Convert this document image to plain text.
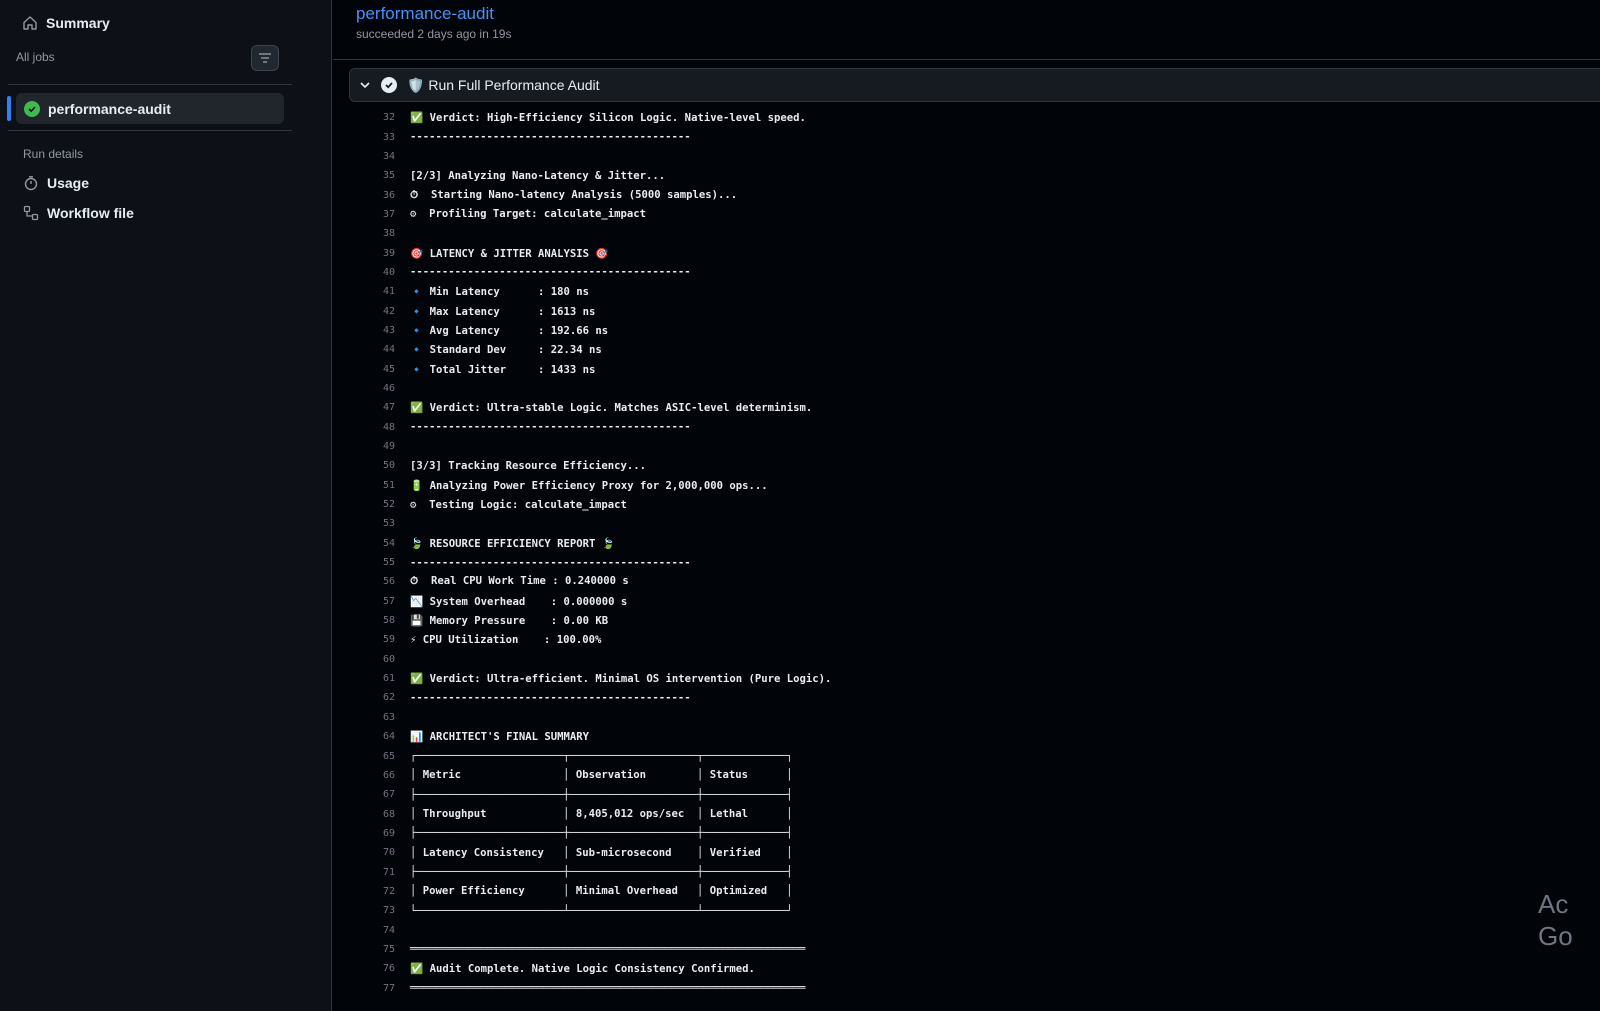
Summary
All jobs
performance-audit
Run details
Usage
Workflow file
performance-audit
succeeded 2 days ago in 19s
🛡️ Run Full Performance Audit
32 ✅ Verdict: High-Efficiency Silicon Logic. Native-level speed.
33 --------------------------------------------
34
35 [2/3] Analyzing Nano-Latency & Jitter...
36 ⏱  Starting Nano-latency Analysis (5000 samples)...
37 ⚙  Profiling Target: calculate_impact
38
39 🎯 LATENCY & JITTER ANALYSIS 🎯
40 --------------------------------------------
41 🔹 Min Latency      : 180 ns
42 🔹 Max Latency      : 1613 ns
43 🔹 Avg Latency      : 192.66 ns
44 🔹 Standard Dev     : 22.34 ns
45 🔹 Total Jitter     : 1433 ns
46
47 ✅ Verdict: Ultra-stable Logic. Matches ASIC-level determinism.
48 --------------------------------------------
49
50 [3/3] Tracking Resource Efficiency...
51 🔋 Analyzing Power Efficiency Proxy for 2,000,000 ops...
52 ⚙  Testing Logic: calculate_impact
53
54 🍃 RESOURCE EFFICIENCY REPORT 🍃
55 --------------------------------------------
56 ⏱  Real CPU Work Time : 0.240000 s
57 📉 System Overhead    : 0.000000 s
58 💾 Memory Pressure    : 0.00 KB
59 ⚡ CPU Utilization    : 100.00%
60
61 ✅ Verdict: Ultra-efficient. Minimal OS intervention (Pure Logic).
62 --------------------------------------------
63
64 📊 ARCHITECT'S FINAL SUMMARY
65 ┌───────────────────────┬────────────────────┬─────────────┐
66 │ Metric                │ Observation        │ Status      │
67 ├───────────────────────┼────────────────────┼─────────────┤
68 │ Throughput            │ 8,405,012 ops/sec  │ Lethal      │
69 ├───────────────────────┼────────────────────┼─────────────┤
70 │ Latency Consistency   │ Sub-microsecond    │ Verified    │
71 ├───────────────────────┼────────────────────┼─────────────┤
72 │ Power Efficiency      │ Minimal Overhead   │ Optimized   │
73 └───────────────────────┴────────────────────┴─────────────┘
74
75 ══════════════════════════════════════════════════════════════
76 ✅ Audit Complete. Native Logic Consistency Confirmed.
77 ══════════════════════════════════════════════════════════════
Ac
Go
